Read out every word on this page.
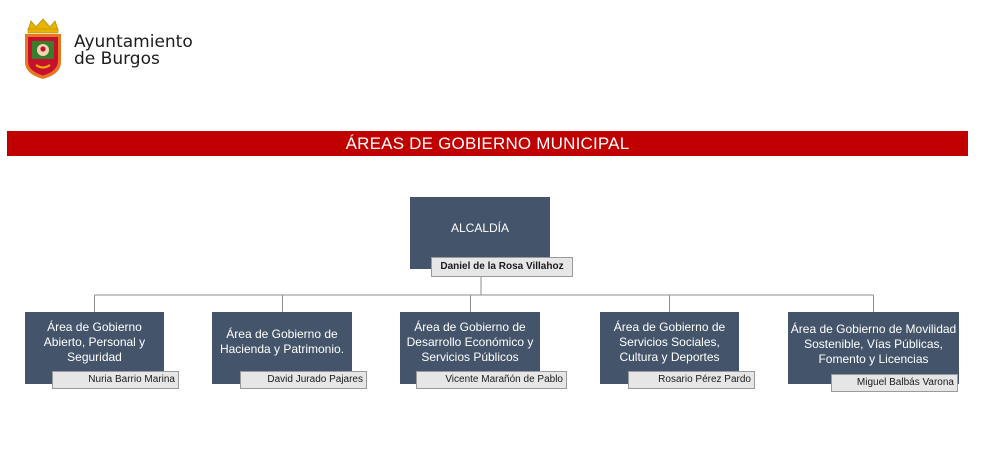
Ayuntamiento
de Burgos
ÁREAS DE GOBIERNO MUNICIPAL
ALCALDÍA
Daniel de la Rosa Villahoz
Área de Gobierno Abierto, Personal y Seguridad
Nuria Barrio Marina
Área de Gobierno de Hacienda y Patrimonio.
David Jurado Pajares
Área de Gobierno de Desarrollo Económico y Servicios Públicos
Vicente Marañón de Pablo
Área de Gobierno de Servicios Sociales, Cultura y Deportes
Rosario Pérez Pardo
Área de Gobierno de Movilidad Sostenible, Vías Públicas, Fomento y Licencias
Miguel Balbás Varona
